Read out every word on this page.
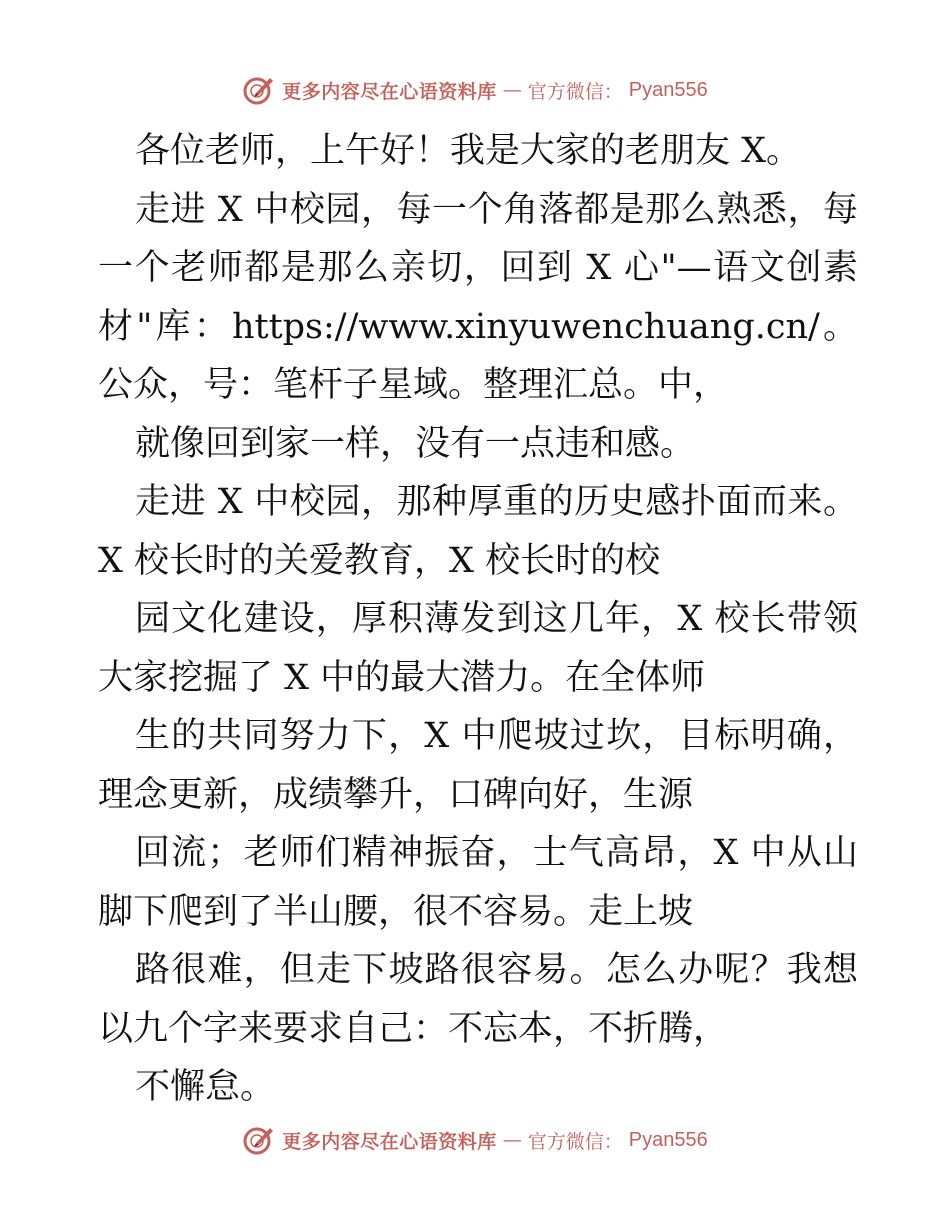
更多内容尽在心语资料库 — 官方微信： Pyan556

各位老师，上午好！我是大家的老朋友 X。

走进 X 中校园，每一个角落都是那么熟悉，每一个老师都是那么亲切，回到 X 心"—语文创素材"库：https://www.xinyuwenchuang.cn/。公众，号：笔杆子星域。整理汇总。中，

就像回到家一样，没有一点违和感。

走进 X 中校园，那种厚重的历史感扑面而来。X 校长时的关爱教育，X 校长时的校

园文化建设，厚积薄发到这几年，X 校长带领大家挖掘了 X 中的最大潜力。在全体师

生的共同努力下，X 中爬坡过坎，目标明确，理念更新，成绩攀升，口碑向好，生源

回流；老师们精神振奋，士气高昂，X 中从山脚下爬到了半山腰，很不容易。走上坡

路很难，但走下坡路很容易。怎么办呢？我想以九个字来要求自己：不忘本，不折腾，

不懈怠。

更多内容尽在心语资料库 — 官方微信： Pyan556
